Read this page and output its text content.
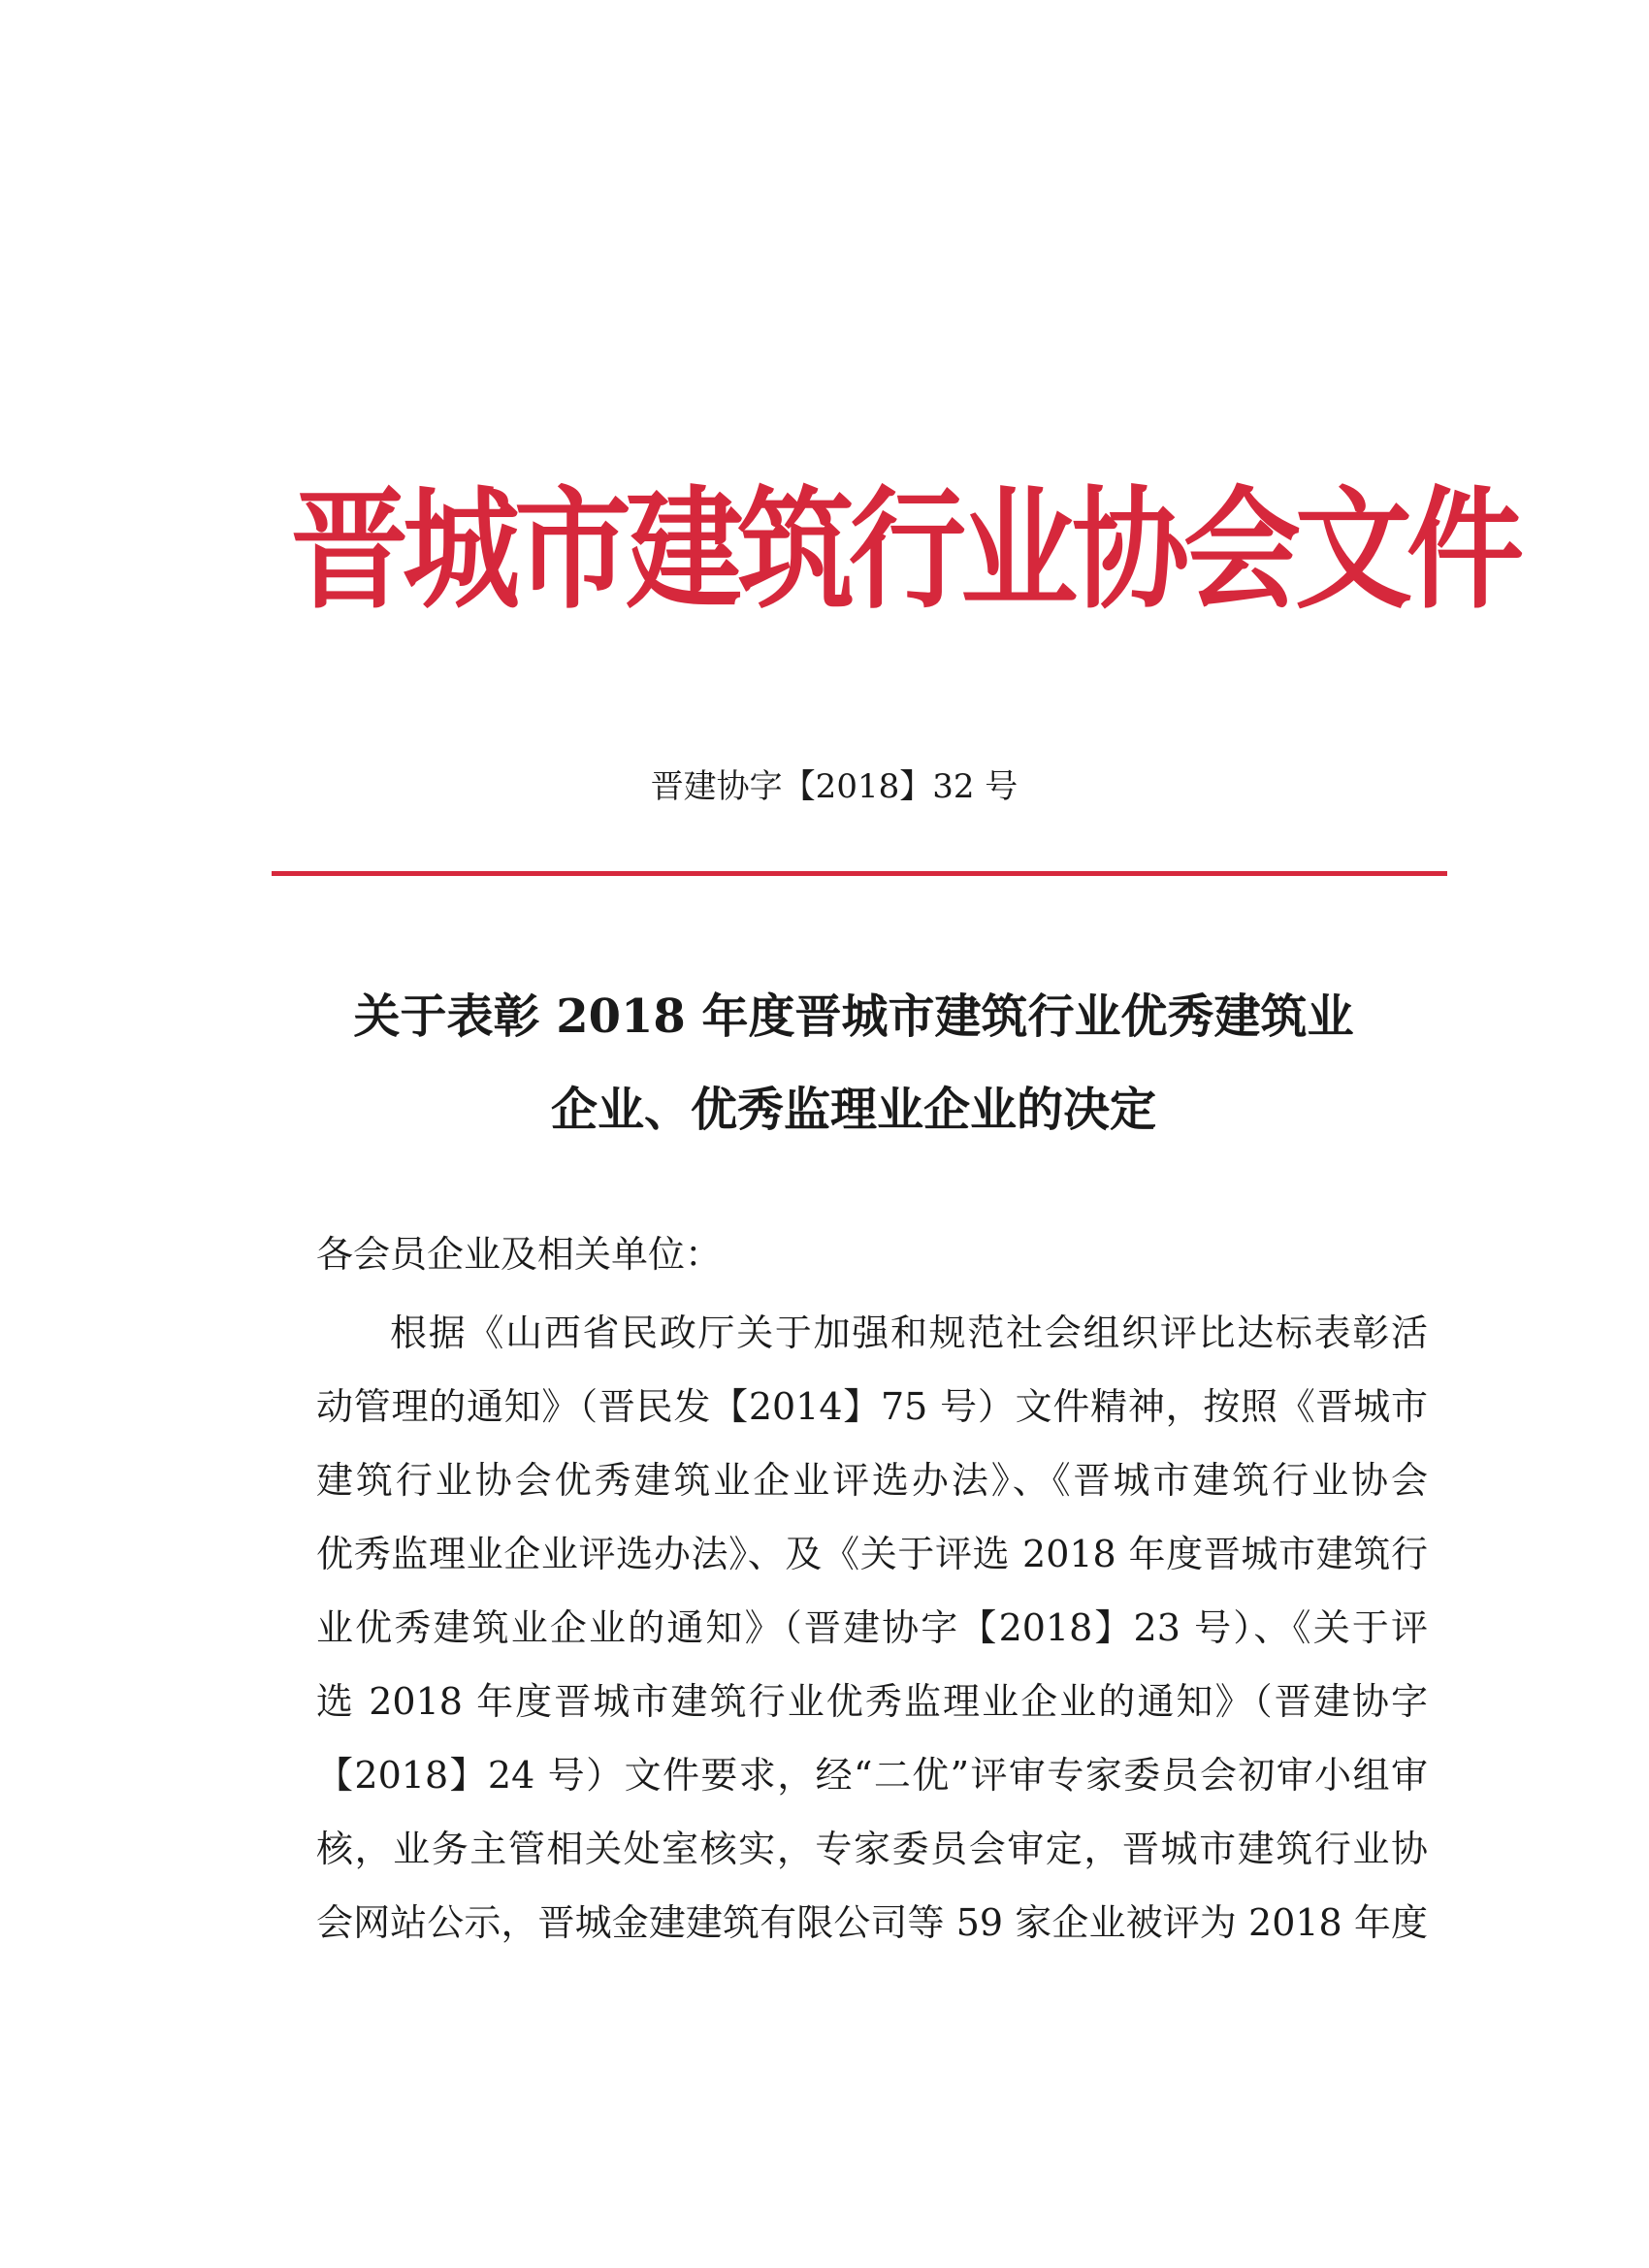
晋城市建筑行业协会文件
晋建协字【2018】32 号
关于表彰 2018 年度晋城市建筑行业优秀建筑业
企业、优秀监理业企业的决定
各会员企业及相关单位：
根据《山西省民政厅关于加强和规范社会组织评比达标表彰活
动管理的通知》（晋民发【2014】75 号）文件精神，按照《晋城市
建筑行业协会优秀建筑业企业评选办法》、《晋城市建筑行业协会
优秀监理业企业评选办法》、及《关于评选 2018 年度晋城市建筑行
业优秀建筑业企业的通知》（晋建协字【2018】23 号）、《关于评
选 2018 年度晋城市建筑行业优秀监理业企业的通知》（晋建协字
【2018】24 号）文件要求，经“二优”评审专家委员会初审小组审
核，业务主管相关处室核实，专家委员会审定，晋城市建筑行业协
会网站公示，晋城金建建筑有限公司等 59 家企业被评为 2018 年度
